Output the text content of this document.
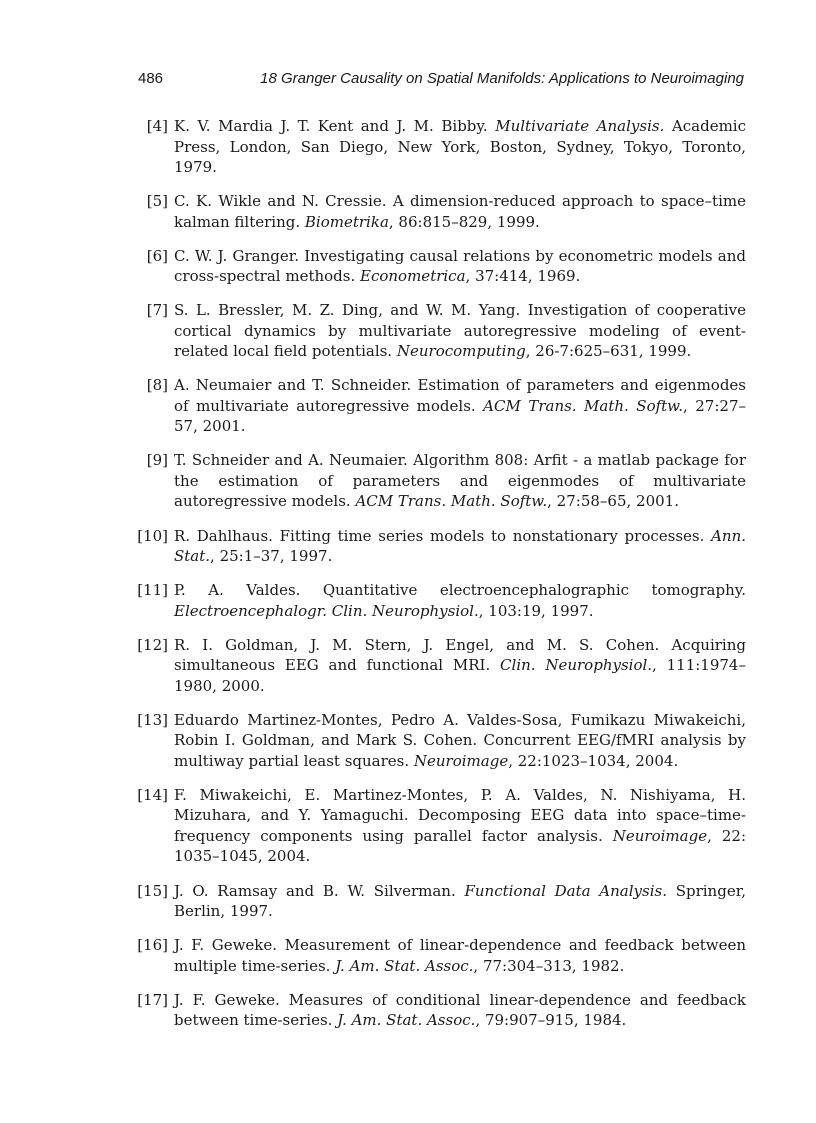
486	18 Granger Causality on Spatial Manifolds: Applications to Neuroimaging
[4] K. V. Mardia J. T. Kent and J. M. Bibby. Multivariate Analysis. Academic Press, London, San Diego, New York, Boston, Sydney, Tokyo, Toronto, 1979.
[5] C. K. Wikle and N. Cressie. A dimension-reduced approach to space–time kalman filtering. Biometrika, 86:815–829, 1999.
[6] C. W. J. Granger. Investigating causal relations by econometric models and cross-spectral methods. Econometrica, 37:414, 1969.
[7] S. L. Bressler, M. Z. Ding, and W. M. Yang. Investigation of cooperative cortical dynamics by multivariate autoregressive modeling of event-related local field potentials. Neurocomputing, 26-7:625–631, 1999.
[8] A. Neumaier and T. Schneider. Estimation of parameters and eigenmodes of multivariate autoregressive models. ACM Trans. Math. Softw., 27:27–57, 2001.
[9] T. Schneider and A. Neumaier. Algorithm 808: Arfit - a matlab package for the estimation of parameters and eigenmodes of multivariate autoregressive models. ACM Trans. Math. Softw., 27:58–65, 2001.
[10] R. Dahlhaus. Fitting time series models to nonstationary processes. Ann. Stat., 25:1–37, 1997.
[11] P. A. Valdes. Quantitative electroencephalographic tomography. Electroencephalogr. Clin. Neurophysiol., 103:19, 1997.
[12] R. I. Goldman, J. M. Stern, J. Engel, and M. S. Cohen. Acquiring simultaneous EEG and functional MRI. Clin. Neurophysiol., 111:1974–1980, 2000.
[13] Eduardo Martinez-Montes, Pedro A. Valdes-Sosa, Fumikazu Miwakeichi, Robin I. Goldman, and Mark S. Cohen. Concurrent EEG/fMRI analysis by multiway partial least squares. Neuroimage, 22:1023–1034, 2004.
[14] F. Miwakeichi, E. Martinez-Montes, P. A. Valdes, N. Nishiyama, H. Mizuhara, and Y. Yamaguchi. Decomposing EEG data into space–time-frequency components using parallel factor analysis. Neuroimage, 22: 1035–1045, 2004.
[15] J. O. Ramsay and B. W. Silverman. Functional Data Analysis. Springer, Berlin, 1997.
[16] J. F. Geweke. Measurement of linear-dependence and feedback between multiple time-series. J. Am. Stat. Assoc., 77:304–313, 1982.
[17] J. F. Geweke. Measures of conditional linear-dependence and feedback between time-series. J. Am. Stat. Assoc., 79:907–915, 1984.
